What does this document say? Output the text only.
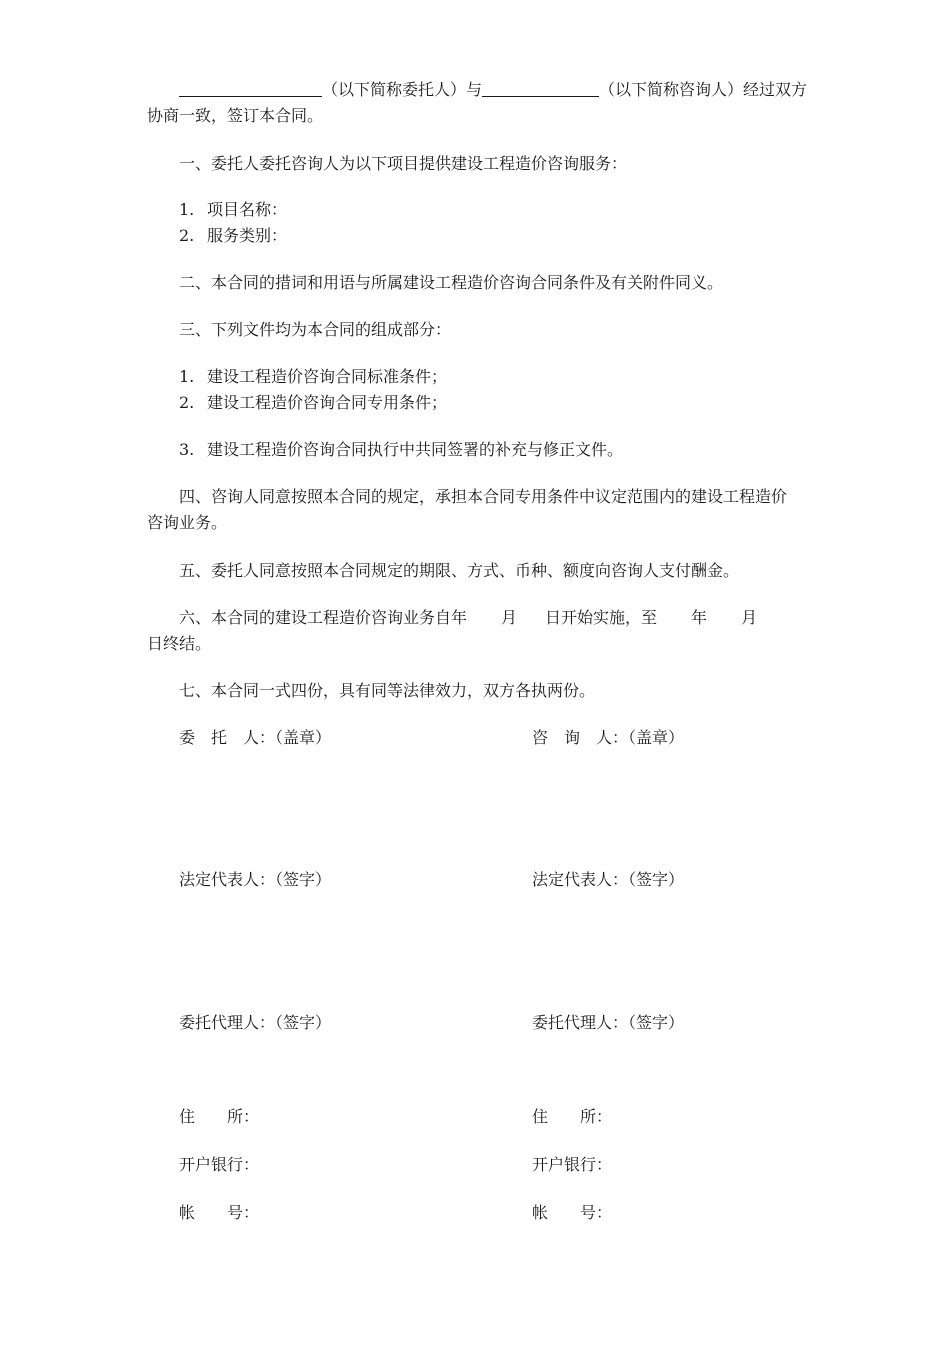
（以下简称委托人）与	（以下简称咨询人）经过双方
协商一致，签订本合同。
一、委托人委托咨询人为以下项目提供建设工程造价咨询服务：
1. 项目名称：
2. 服务类别：
二、本合同的措词和用语与所属建设工程造价咨询合同条件及有关附件同义。
三、下列文件均为本合同的组成部分：
1. 建设工程造价咨询合同标准条件；
2. 建设工程造价咨询合同专用条件；
3. 建设工程造价咨询合同执行中共同签署的补充与修正文件。
四、咨询人同意按照本合同的规定，承担本合同专用条件中议定范围内的建设工程造价
咨询业务。
五、委托人同意按照本合同规定的期限、方式、币种、额度向咨询人支付酬金。
六、本合同的建设工程造价咨询业务自年 月 日开始实施，至 年 月
日终结。
七、本合同一式四份，具有同等法律效力，双方各执两份。
委　托　人：（盖章）
法定代表人：（签字）
委托代理人：（签字）
住　　所：
开户银行：
帐　　号：
咨　询　人：（盖章）
法定代表人：（签字）
委托代理人：（签字）
住　　所：
开户银行：
帐　　号：
